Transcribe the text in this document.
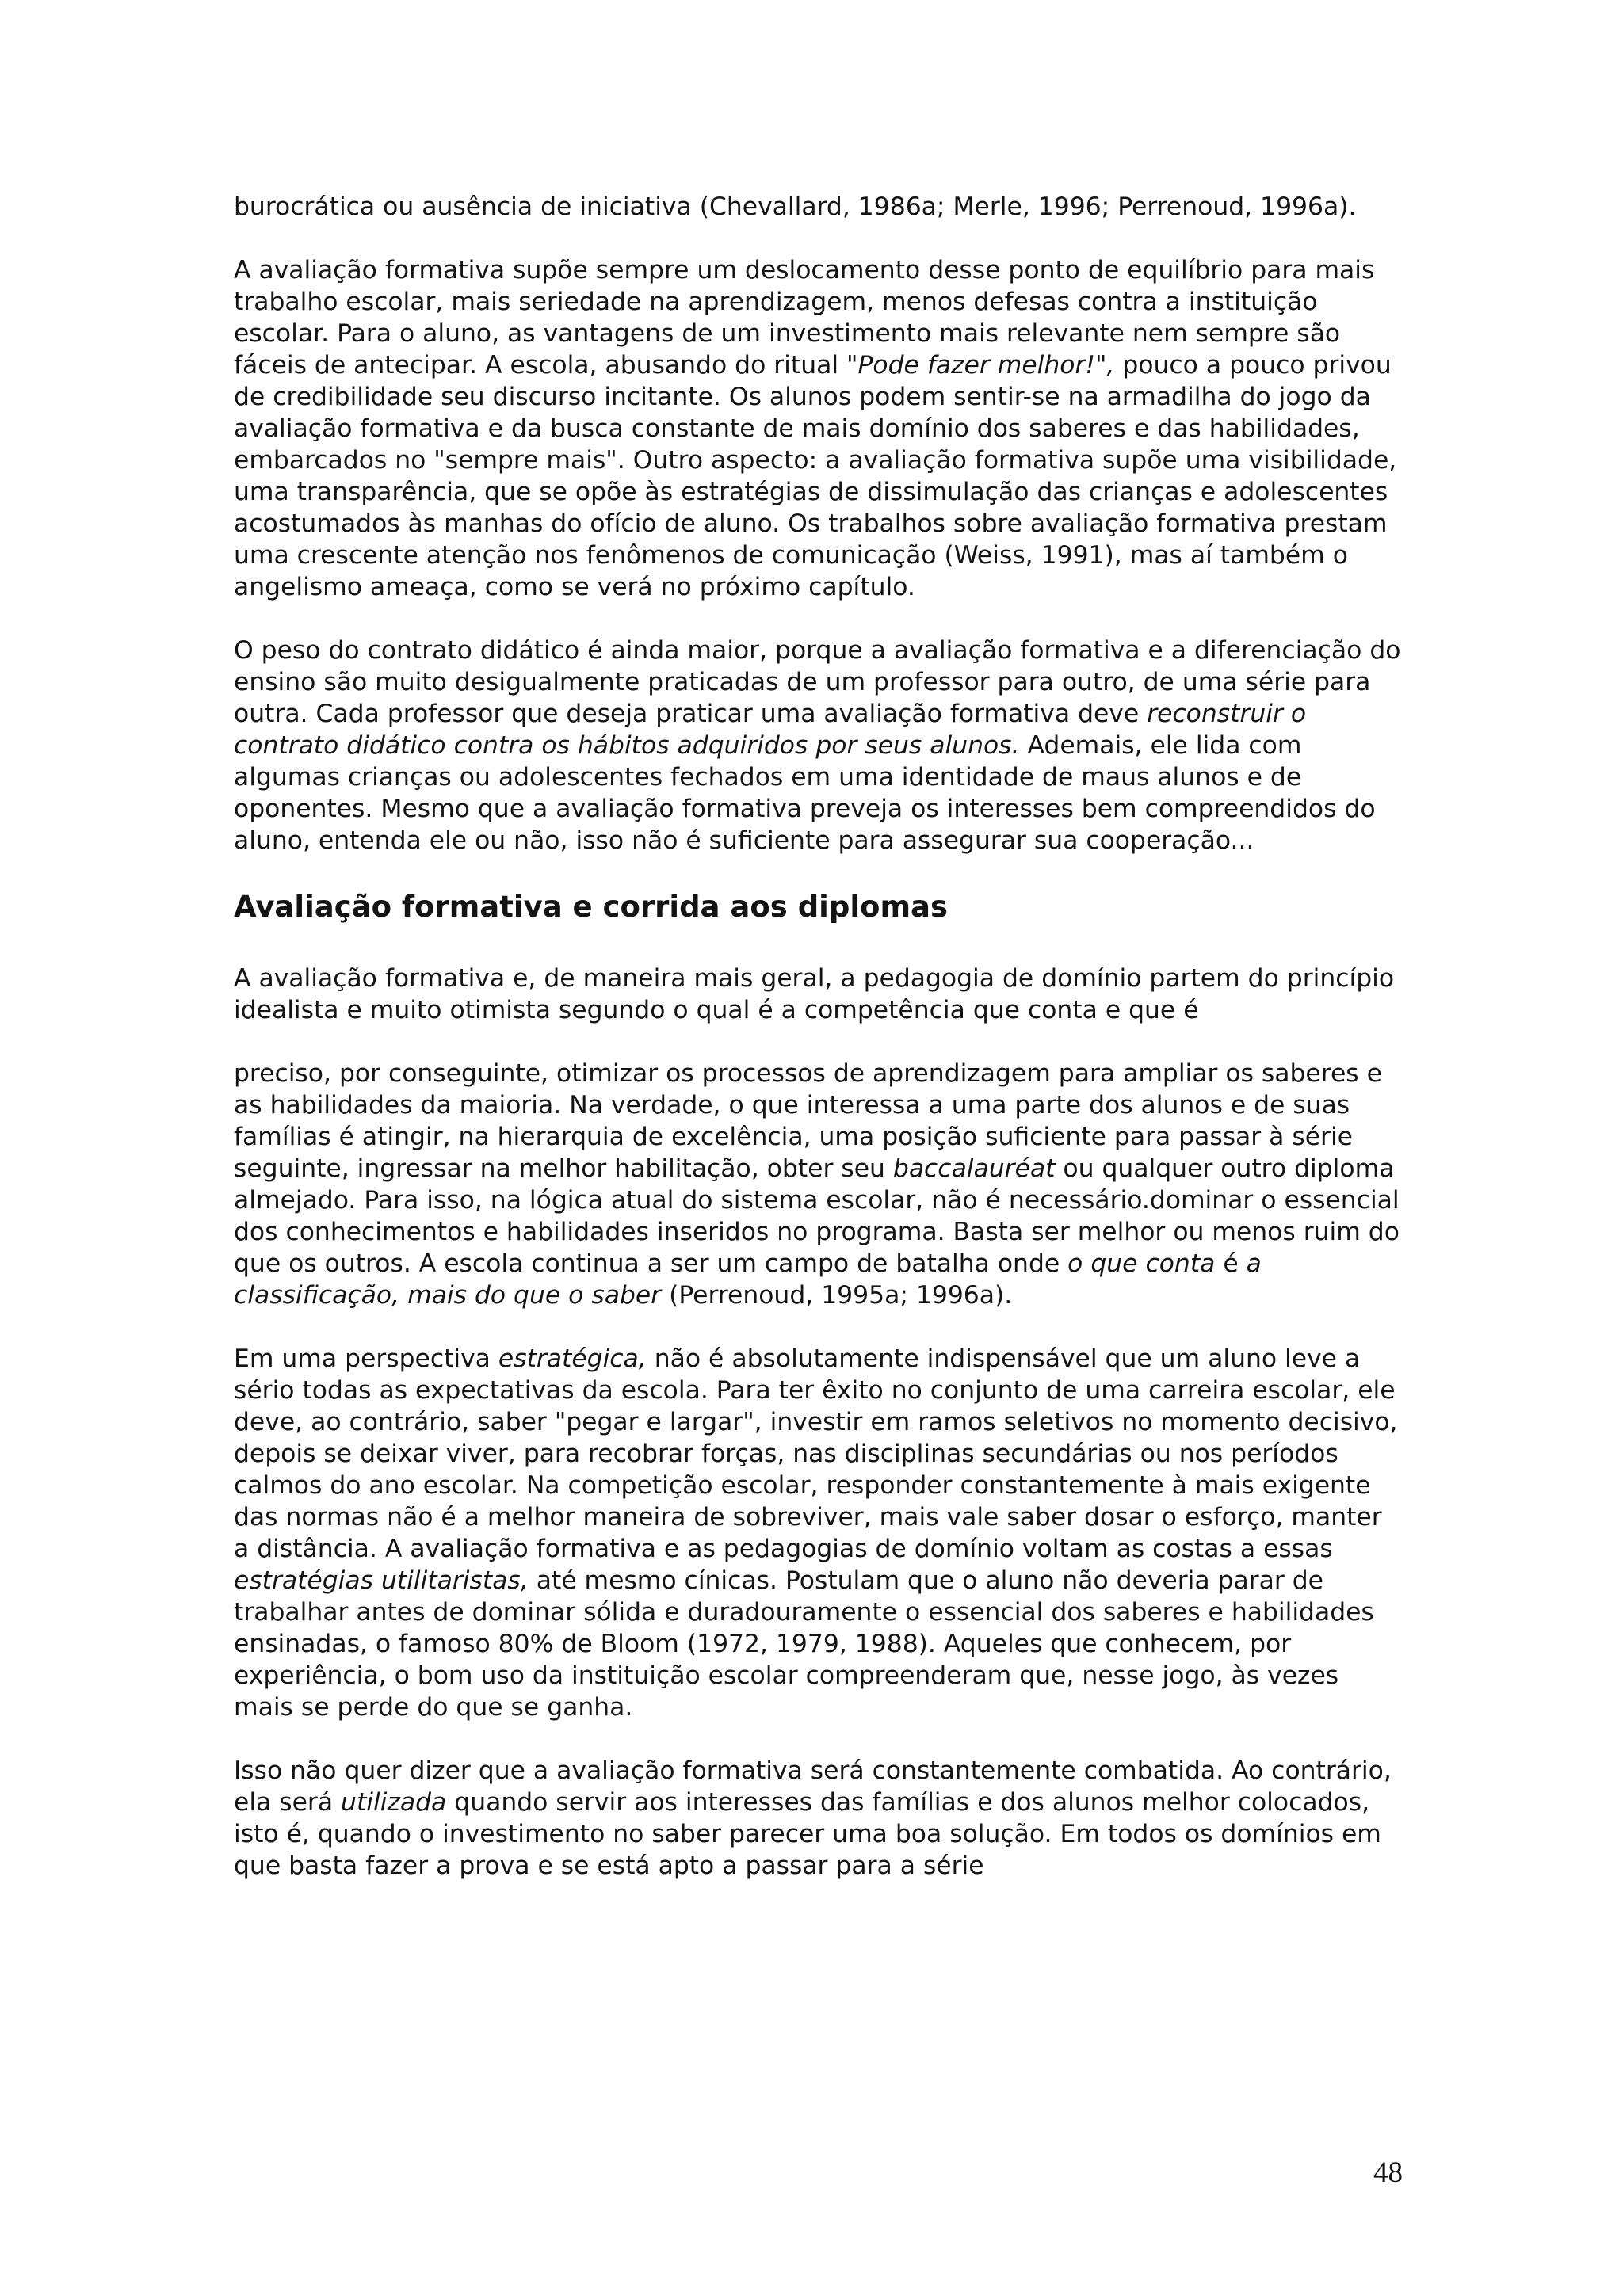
burocrática ou ausência de iniciativa (Chevallard, 1986a; Merle, 1996; Perrenoud, 1996a).

A avaliação formativa supõe sempre um deslocamento desse ponto de equilíbrio para mais trabalho escolar, mais seriedade na aprendizagem, menos defesas contra a instituição escolar. Para o aluno, as vantagens de um investimento mais relevante nem sempre são fáceis de antecipar. A escola, abusando do ritual "Pode fazer melhor!", pouco a pouco privou de credibilidade seu discurso incitante. Os alunos podem sentir-se na armadilha do jogo da avaliação formativa e da busca constante de mais domínio dos saberes e das habilidades, embarcados no "sempre mais". Outro aspecto: a avaliação formativa supõe uma visibilidade, uma transparência, que se opõe às estratégias de dissimulação das crianças e adolescentes acostumados às manhas do ofício de aluno. Os trabalhos sobre avaliação formativa prestam uma crescente atenção nos fenômenos de comunicação (Weiss, 1991), mas aí também o angelismo ameaça, como se verá no próximo capítulo.

O peso do contrato didático é ainda maior, porque a avaliação formativa e a diferenciação do ensino são muito desigualmente praticadas de um professor para outro, de uma série para outra. Cada professor que deseja praticar uma avaliação formativa deve reconstruir o contrato didático contra os hábitos adquiridos por seus alunos. Ademais, ele lida com algumas crianças ou adolescentes fechados em uma identidade de maus alunos e de oponentes. Mesmo que a avaliação formativa preveja os interesses bem compreendidos do aluno, entenda ele ou não, isso não é suficiente para assegurar sua cooperação...

Avaliação formativa e corrida aos diplomas

A avaliação formativa e, de maneira mais geral, a pedagogia de domínio partem do princípio idealista e muito otimista segundo o qual é a competência que conta e que é

preciso, por conseguinte, otimizar os processos de aprendizagem para ampliar os saberes e as habilidades da maioria. Na verdade, o que interessa a uma parte dos alunos e de suas famílias é atingir, na hierarquia de excelência, uma posição suficiente para passar à série seguinte, ingressar na melhor habilitação, obter seu baccalauréat ou qualquer outro diploma almejado. Para isso, na lógica atual do sistema escolar, não é necessário.dominar o essencial dos conhecimentos e habilidades inseridos no programa. Basta ser melhor ou menos ruim do que os outros. A escola continua a ser um campo de batalha onde o que conta é a classificação, mais do que o saber (Perrenoud, 1995a; 1996a).

Em uma perspectiva estratégica, não é absolutamente indispensável que um aluno leve a sério todas as expectativas da escola. Para ter êxito no conjunto de uma carreira escolar, ele deve, ao contrário, saber "pegar e largar", investir em ramos seletivos no momento decisivo, depois se deixar viver, para recobrar forças, nas disciplinas secundárias ou nos períodos calmos do ano escolar. Na competição escolar, responder constantemente à mais exigente das normas não é a melhor maneira de sobreviver, mais vale saber dosar o esforço, manter a distância. A avaliação formativa e as pedagogias de domínio voltam as costas a essas estratégias utilitaristas, até mesmo cínicas. Postulam que o aluno não deveria parar de trabalhar antes de dominar sólida e duradouramente o essencial dos saberes e habilidades ensinadas, o famoso 80% de Bloom (1972, 1979, 1988). Aqueles que conhecem, por experiência, o bom uso da instituição escolar compreenderam que, nesse jogo, às vezes mais se perde do que se ganha.

Isso não quer dizer que a avaliação formativa será constantemente combatida. Ao contrário, ela será utilizada quando servir aos interesses das famílias e dos alunos melhor colocados, isto é, quando o investimento no saber parecer uma boa solução. Em todos os domínios em que basta fazer a prova e se está apto a passar para a série

48
